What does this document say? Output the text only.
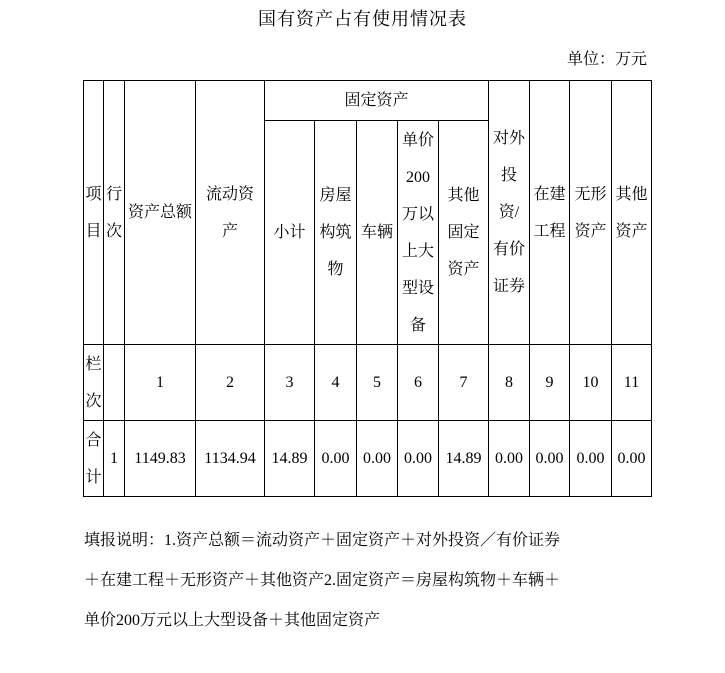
国有资产占有使用情况表
单位：万元
项目	行次	资产总额	流动资产	固定资产					对外投资/有价证券	在建工程	无形资产	其他资产
				小计	房屋构筑物	车辆	单价200万以上大型设备	其他固定资产				
栏次		1	2	3	4	5	6	7	8	9	10	11
合计	1	1149.83	1134.94	14.89	0.00	0.00	0.00	14.89	0.00	0.00	0.00	0.00
填报说明：1.资产总额＝流动资产＋固定资产＋对外投资／有价证券＋在建工程＋无形资产＋其他资产2.固定资产＝房屋构筑物＋车辆＋单价200万元以上大型设备＋其他固定资产
